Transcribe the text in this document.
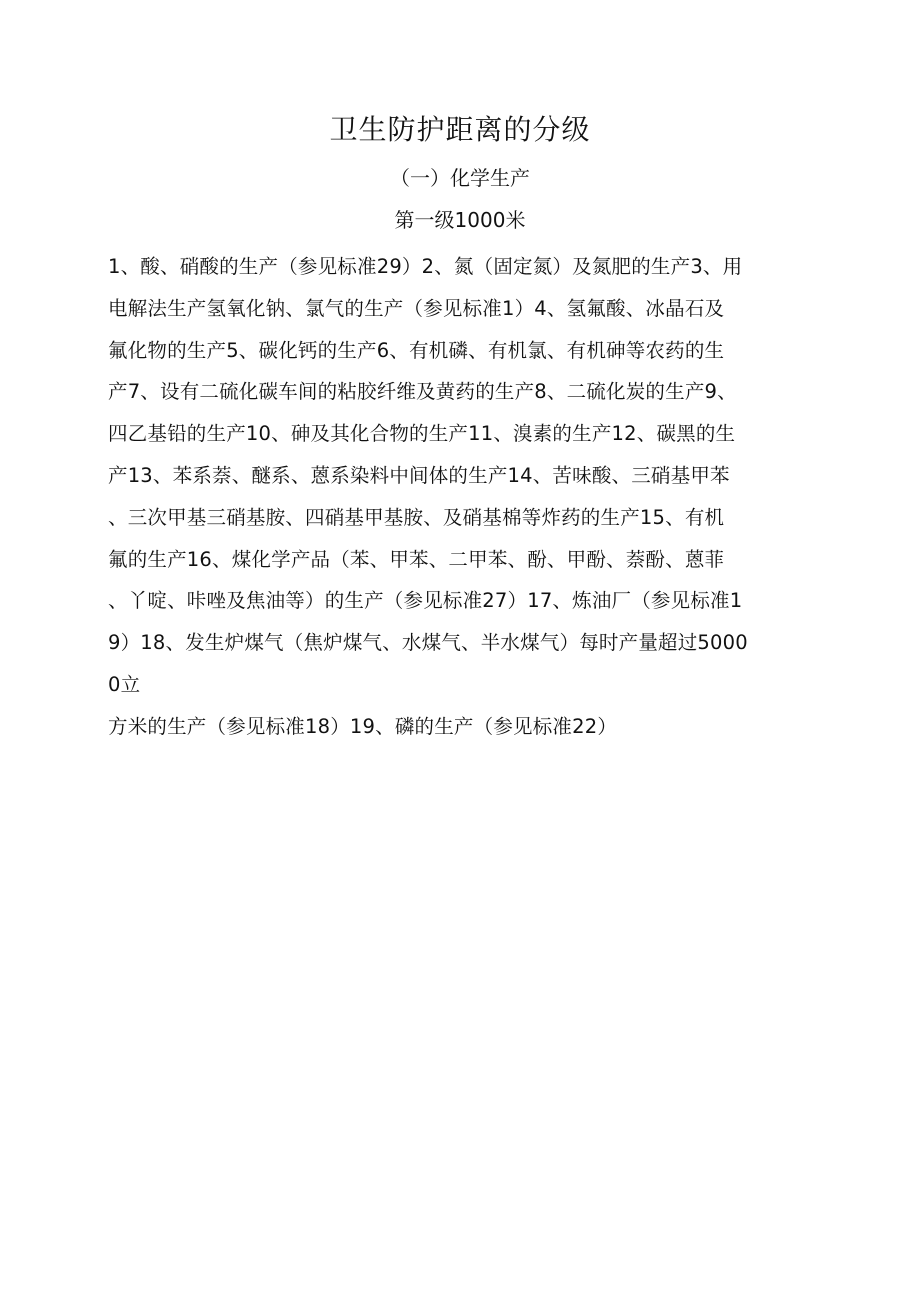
卫生防护距离的分级
（一）化学生产
第一级1000米
1、酸、硝酸的生产（参见标准29）2、氮（固定氮）及氮肥的生产3、用
电解法生产氢氧化钠、氯气的生产（参见标准1）4、氢氟酸、冰晶石及
氟化物的生产5、碳化钙的生产6、有机磷、有机氯、有机砷等农药的生
产7、设有二硫化碳车间的粘胶纤维及黄药的生产8、二硫化炭的生产9、
四乙基铅的生产10、砷及其化合物的生产11、溴素的生产12、碳黑的生
产13、苯系萘、醚系、蒽系染料中间体的生产14、苦味酸、三硝基甲苯
、三次甲基三硝基胺、四硝基甲基胺、及硝基棉等炸药的生产15、有机
氟的生产16、煤化学产品（苯、甲苯、二甲苯、酚、甲酚、萘酚、蒽菲
、丫啶、咔唑及焦油等）的生产（参见标准27）17、炼油厂（参见标准1
9）18、发生炉煤气（焦炉煤气、水煤气、半水煤气）每时产量超过5000
0立
方米的生产（参见标准18）19、磷的生产（参见标准22）
